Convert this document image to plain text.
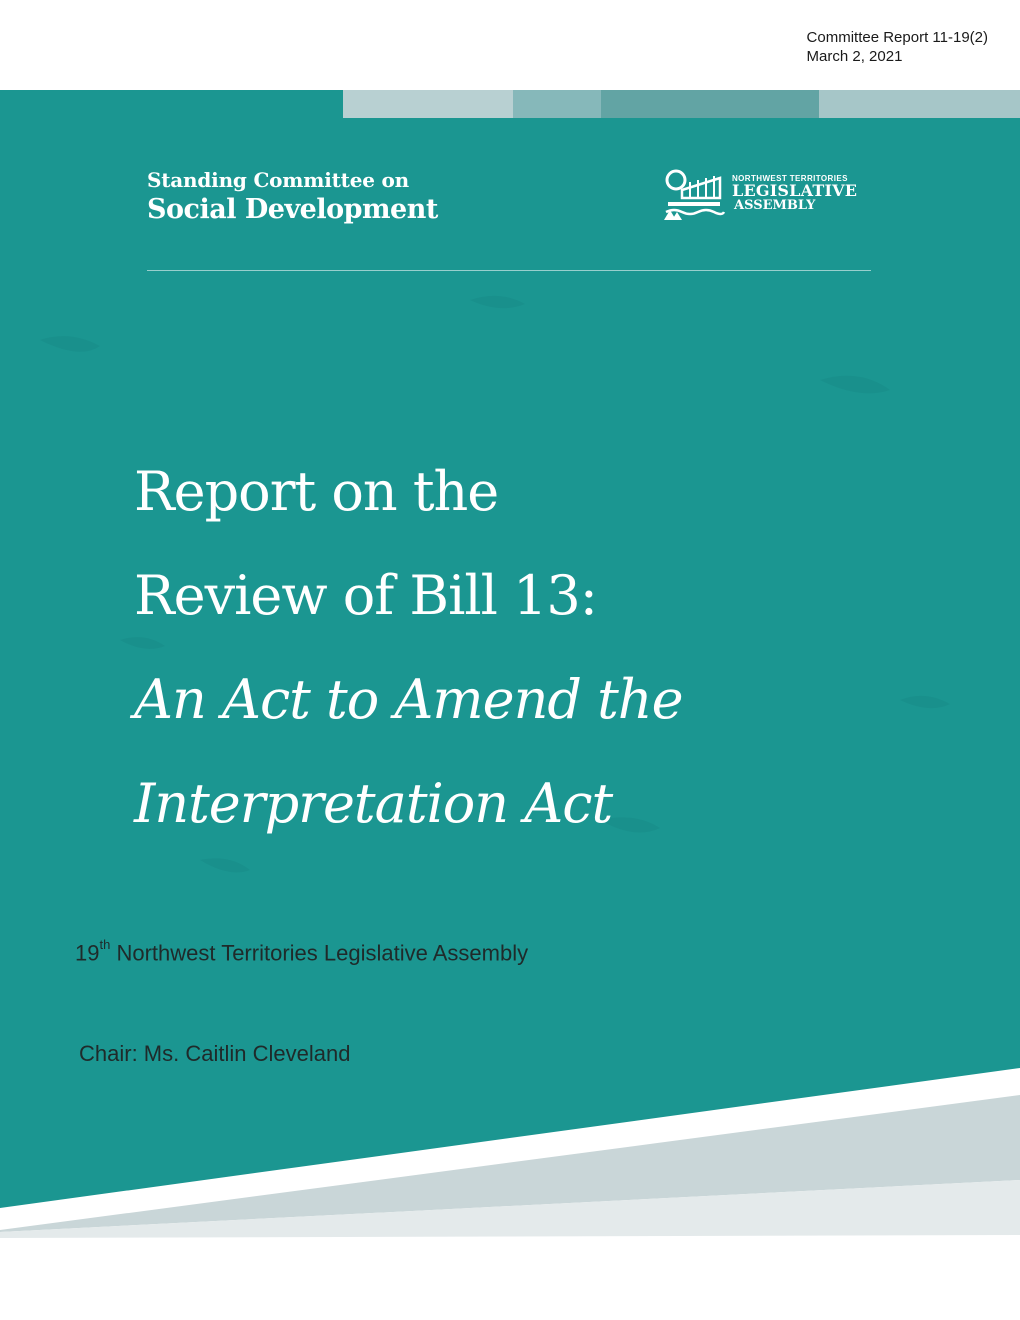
Committee Report 11-19(2)
March 2, 2021
Standing Committee on
Social Development
NORTHWEST TERRITORIES
LEGISLATIVE
ASSEMBLY
Report on the
Review of Bill 13:
An Act to Amend the
Interpretation Act
19th Northwest Territories Legislative Assembly
Chair: Ms. Caitlin Cleveland
